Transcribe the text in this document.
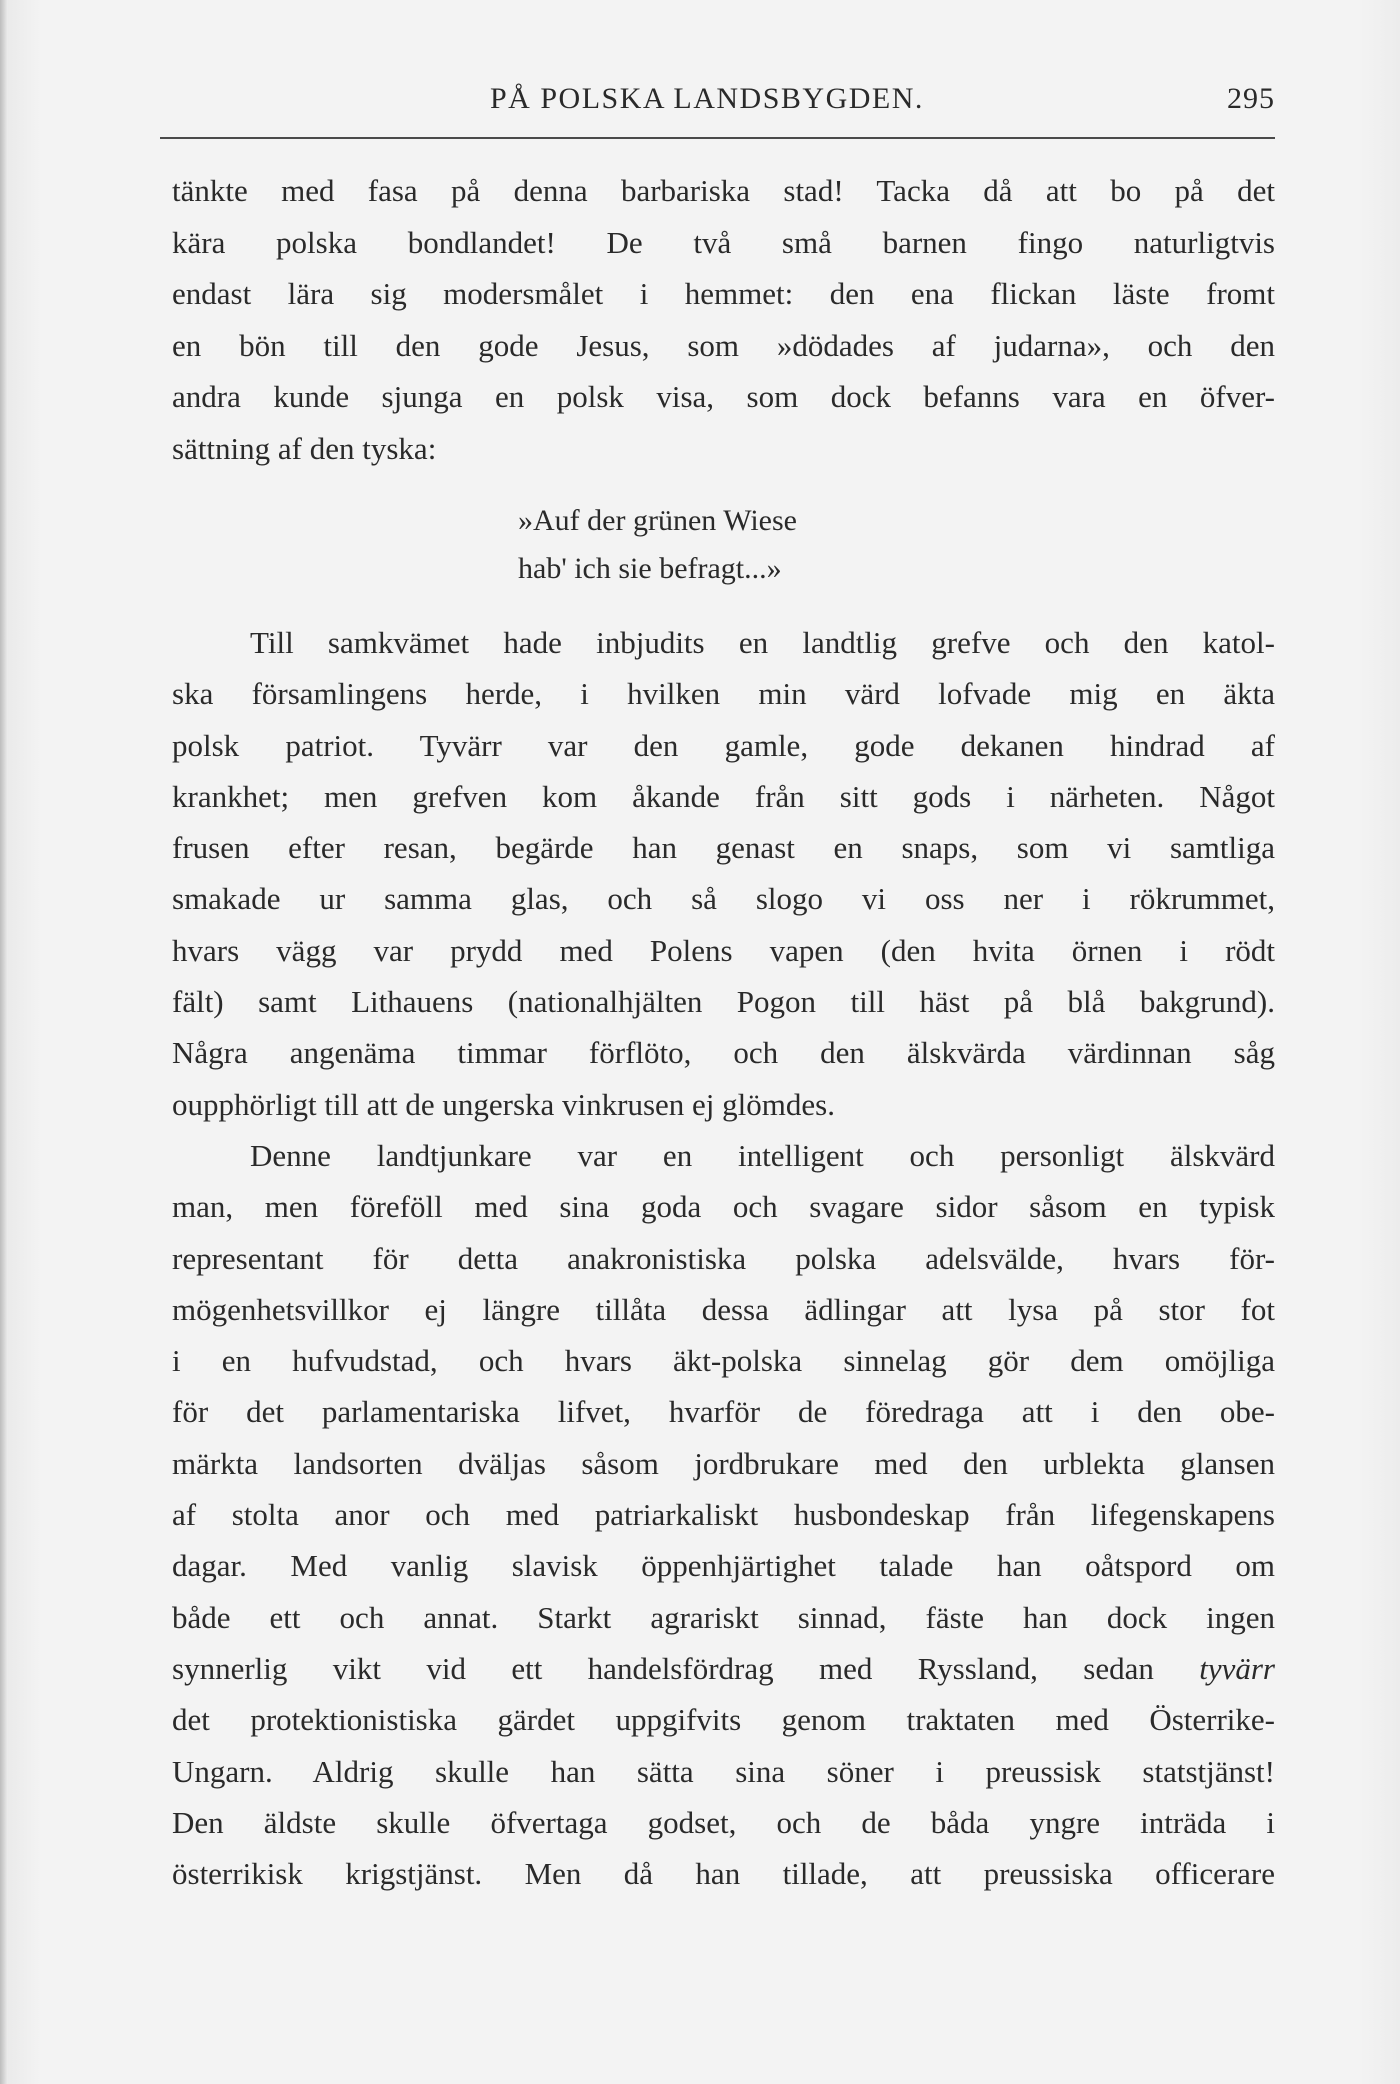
PÅ POLSKA LANDSBYGDEN.	295
tänkte med fasa på denna barbariska stad! Tacka då att bo på det
kära polska bondlandet! De två små barnen fingo naturligtvis
endast lära sig modersmålet i hemmet: den ena flickan läste fromt
en bön till den gode Jesus, som »dödades af judarna», och den
andra kunde sjunga en polsk visa, som dock befanns vara en öfver-
sättning af den tyska:
»Auf der grünen Wiese
hab' ich sie befragt...»
Till samkvämet hade inbjudits en landtlig grefve och den katol-
ska församlingens herde, i hvilken min värd lofvade mig en äkta
polsk patriot. Tyvärr var den gamle, gode dekanen hindrad af
krankhet; men grefven kom åkande från sitt gods i närheten. Något
frusen efter resan, begärde han genast en snaps, som vi samtliga
smakade ur samma glas, och så slogo vi oss ner i rökrummet,
hvars vägg var prydd med Polens vapen (den hvita örnen i rödt
fält) samt Lithauens (nationalhjälten Pogon till häst på blå bakgrund).
Några angenäma timmar förflöto, och den älskvärda värdinnan såg
oupphörligt till att de ungerska vinkrusen ej glömdes.
Denne landtjunkare var en intelligent och personligt älskvärd
man, men föreföll med sina goda och svagare sidor såsom en typisk
representant för detta anakronistiska polska adelsvälde, hvars för-
mögenhetsvillkor ej längre tillåta dessa ädlingar att lysa på stor fot
i en hufvudstad, och hvars äkt-polska sinnelag gör dem omöjliga
för det parlamentariska lifvet, hvarför de föredraga att i den obe-
märkta landsorten dväljas såsom jordbrukare med den urblekta glansen
af stolta anor och med patriarkaliskt husbondeskap från lifegenskapens
dagar. Med vanlig slavisk öppenhjärtighet talade han oåtspord om
både ett och annat. Starkt agrariskt sinnad, fäste han dock ingen
synnerlig vikt vid ett handelsfördrag med Ryssland, sedan tyvärr
det protektionistiska gärdet uppgifvits genom traktaten med Österrike-
Ungarn. Aldrig skulle han sätta sina söner i preussisk statstjänst!
Den äldste skulle öfvertaga godset, och de båda yngre inträda i
österrikisk krigstjänst. Men då han tillade, att preussiska officerare
